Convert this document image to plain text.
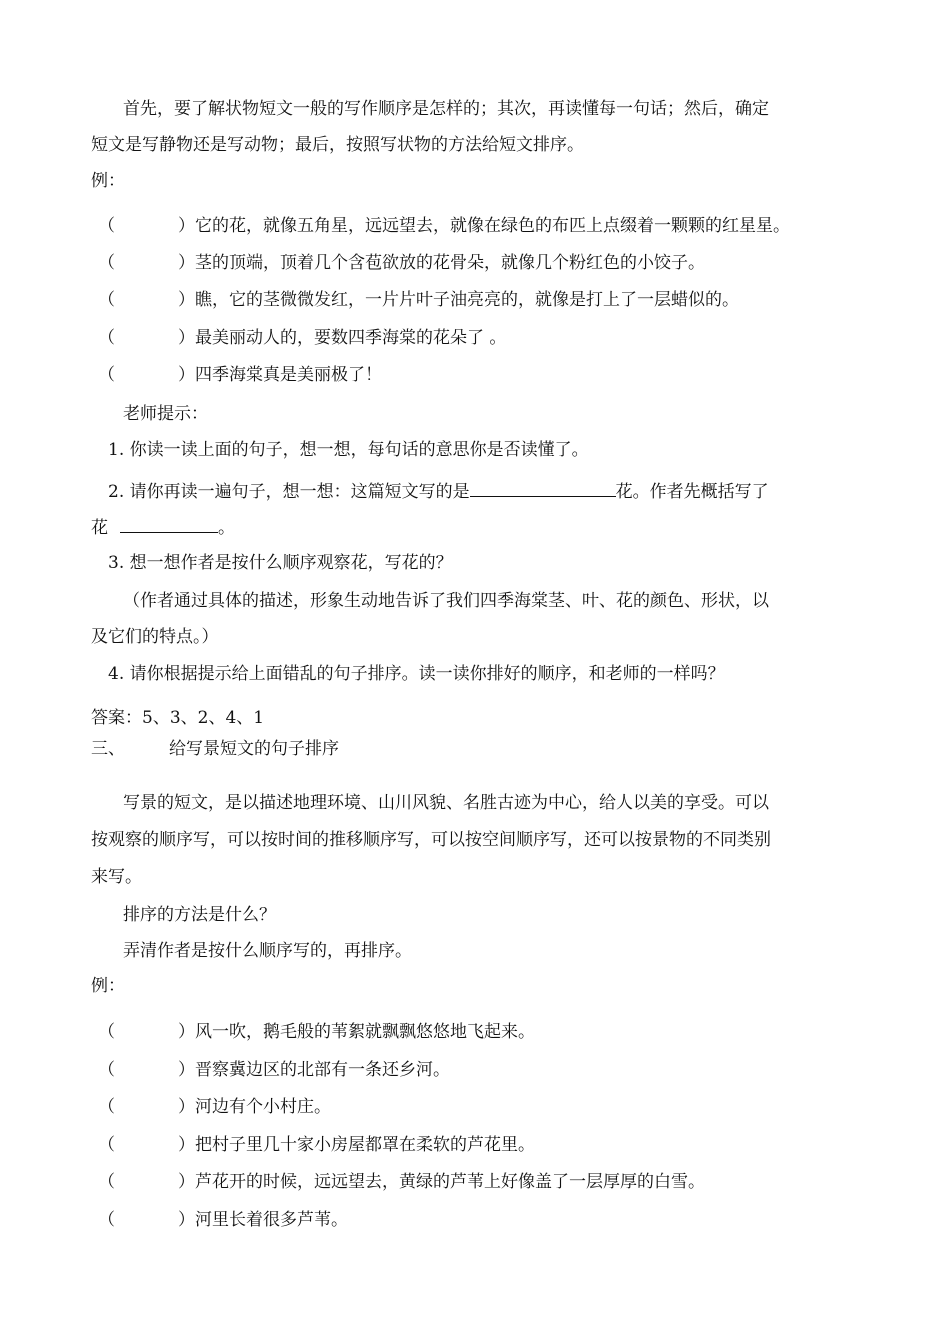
首先，要了解状物短文一般的写作顺序是怎样的；其次，再读懂每一句话；然后，确定
短文是写静物还是写动物；最后，按照写状物的方法给短文排序。
例：
（	）它的花，就像五角星，远远望去，就像在绿色的布匹上点缀着一颗颗的红星星。
（	）茎的顶端，顶着几个含苞欲放的花骨朵，就像几个粉红色的小饺子。
（	）瞧，它的茎微微发红，一片片叶子油亮亮的，就像是打上了一层蜡似的。
（	）最美丽动人的，要数四季海棠的花朵了 。
（	）四季海棠真是美丽极了！
老师提示：
1. 你读一读上面的句子，想一想，每句话的意思你是否读懂了。
2. 请你再读一遍句子，想一想：这篇短文写的是	花。作者先概括写了
花	。
3. 想一想作者是按什么顺序观察花，写花的？
（作者通过具体的描述，形象生动地告诉了我们四季海棠茎、叶、花的颜色、形状，以
及它们的特点。）
4. 请你根据提示给上面错乱的句子排序。读一读你排好的顺序，和老师的一样吗？
答案：5、3、2、4、1
三、	给写景短文的句子排序
写景的短文，是以描述地理环境、山川风貌、名胜古迹为中心，给人以美的享受。可以
按观察的顺序写，可以按时间的推移顺序写，可以按空间顺序写，还可以按景物的不同类别
来写。
排序的方法是什么？
弄清作者是按什么顺序写的，再排序。
例：
（	）风一吹，鹅毛般的苇絮就飘飘悠悠地飞起来。
（	）晋察冀边区的北部有一条还乡河。
（	）河边有个小村庄。
（	）把村子里几十家小房屋都罩在柔软的芦花里。
（	）芦花开的时候，远远望去，黄绿的芦苇上好像盖了一层厚厚的白雪。
（	）河里长着很多芦苇。
